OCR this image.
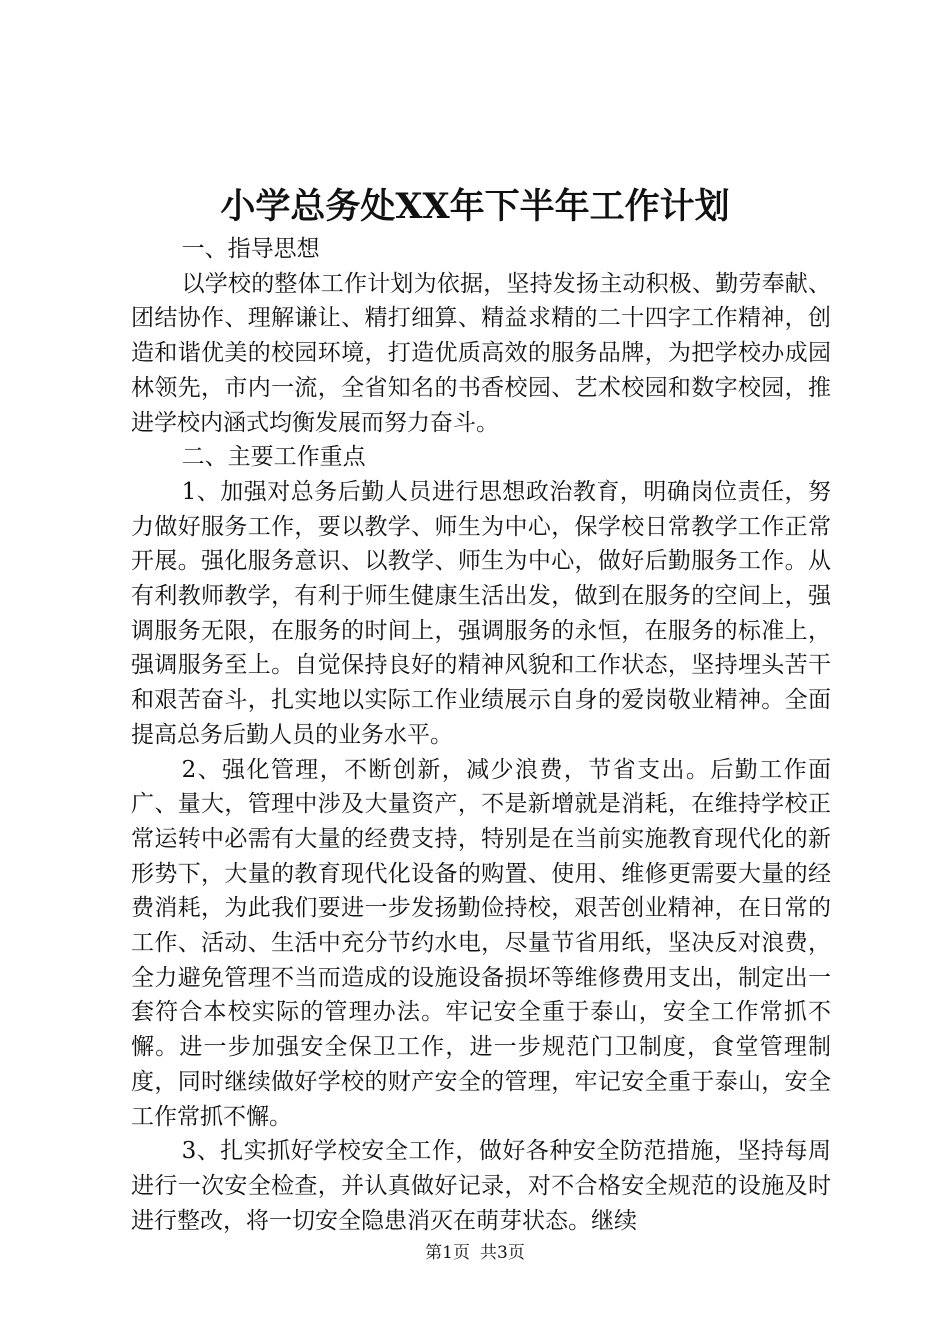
小学总务处XX年下半年工作计划

一、指导思想

以学校的整体工作计划为依据，坚持发扬主动积极、勤劳奉献、团结协作、理解谦让、精打细算、精益求精的二十四字工作精神，创造和谐优美的校园环境，打造优质高效的服务品牌，为把学校办成园林领先，市内一流，全省知名的书香校园、艺术校园和数字校园，推进学校内涵式均衡发展而努力奋斗。

二、主要工作重点

1、加强对总务后勤人员进行思想政治教育，明确岗位责任，努力做好服务工作，要以教学、师生为中心，保学校日常教学工作正常开展。强化服务意识、以教学、师生为中心，做好后勤服务工作。从有利教师教学，有利于师生健康生活出发，做到在服务的空间上，强调服务无限，在服务的时间上，强调服务的永恒，在服务的标准上，强调服务至上。自觉保持良好的精神风貌和工作状态，坚持埋头苦干和艰苦奋斗，扎实地以实际工作业绩展示自身的爱岗敬业精神。全面提高总务后勤人员的业务水平。

2、强化管理，不断创新，减少浪费，节省支出。后勤工作面广、量大，管理中涉及大量资产，不是新增就是消耗，在维持学校正常运转中必需有大量的经费支持，特别是在当前实施教育现代化的新形势下，大量的教育现代化设备的购置、使用、维修更需要大量的经费消耗，为此我们要进一步发扬勤俭持校，艰苦创业精神，在日常的工作、活动、生活中充分节约水电，尽量节省用纸，坚决反对浪费，全力避免管理不当而造成的设施设备损坏等维修费用支出，制定出一套符合本校实际的管理办法。牢记安全重于泰山，安全工作常抓不懈。进一步加强安全保卫工作，进一步规范门卫制度，食堂管理制度，同时继续做好学校的财产安全的管理，牢记安全重于泰山，安全工作常抓不懈。

3、扎实抓好学校安全工作，做好各种安全防范措施，坚持每周进行一次安全检查，并认真做好记录，对不合格安全规范的设施及时进行整改，将一切安全隐患消灭在萌芽状态。继续

第1页 共3页
